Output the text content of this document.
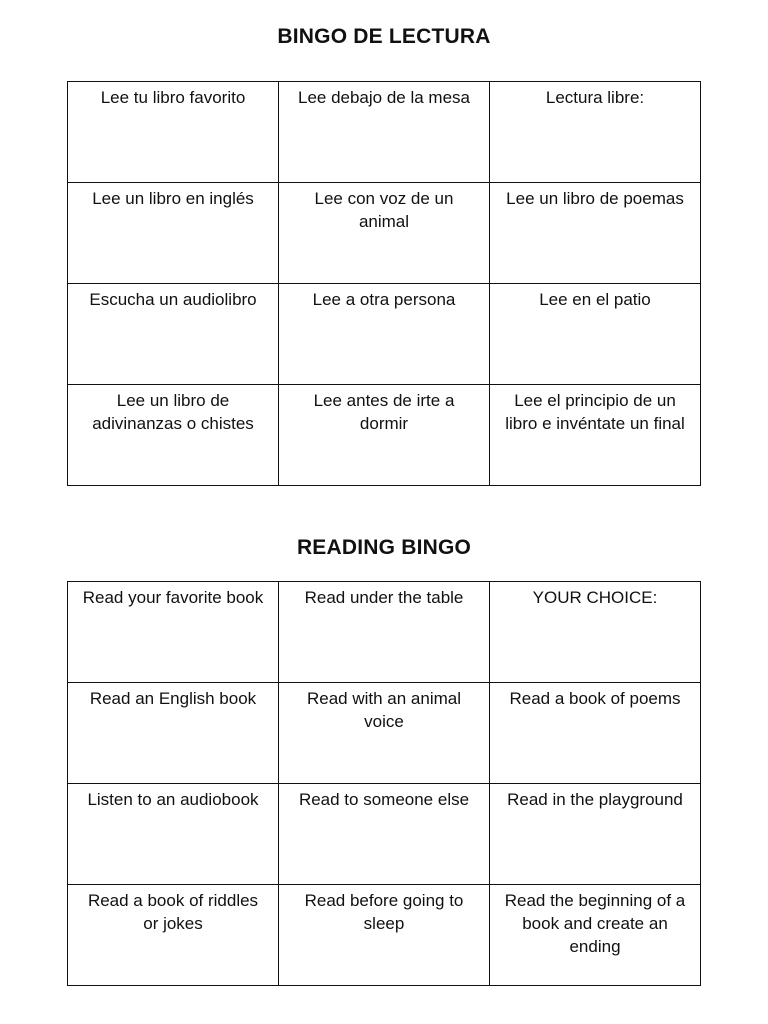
BINGO DE LECTURA
Lee tu libro favorito	Lee debajo de la mesa	Lectura libre:
Lee un libro en inglés	Lee con voz de un animal	Lee un libro de poemas
Escucha un audiolibro	Lee a otra persona	Lee en el patio
Lee un libro de adivinanzas o chistes	Lee antes de irte a dormir	Lee el principio de un libro e invéntate un final
READING BINGO
Read your favorite book	Read under the table	YOUR CHOICE:
Read an English book	Read with an animal voice	Read a book of poems
Listen to an audiobook	Read to someone else	Read in the playground
Read a book of riddles or jokes	Read before going to sleep	Read the beginning of a book and create an ending
